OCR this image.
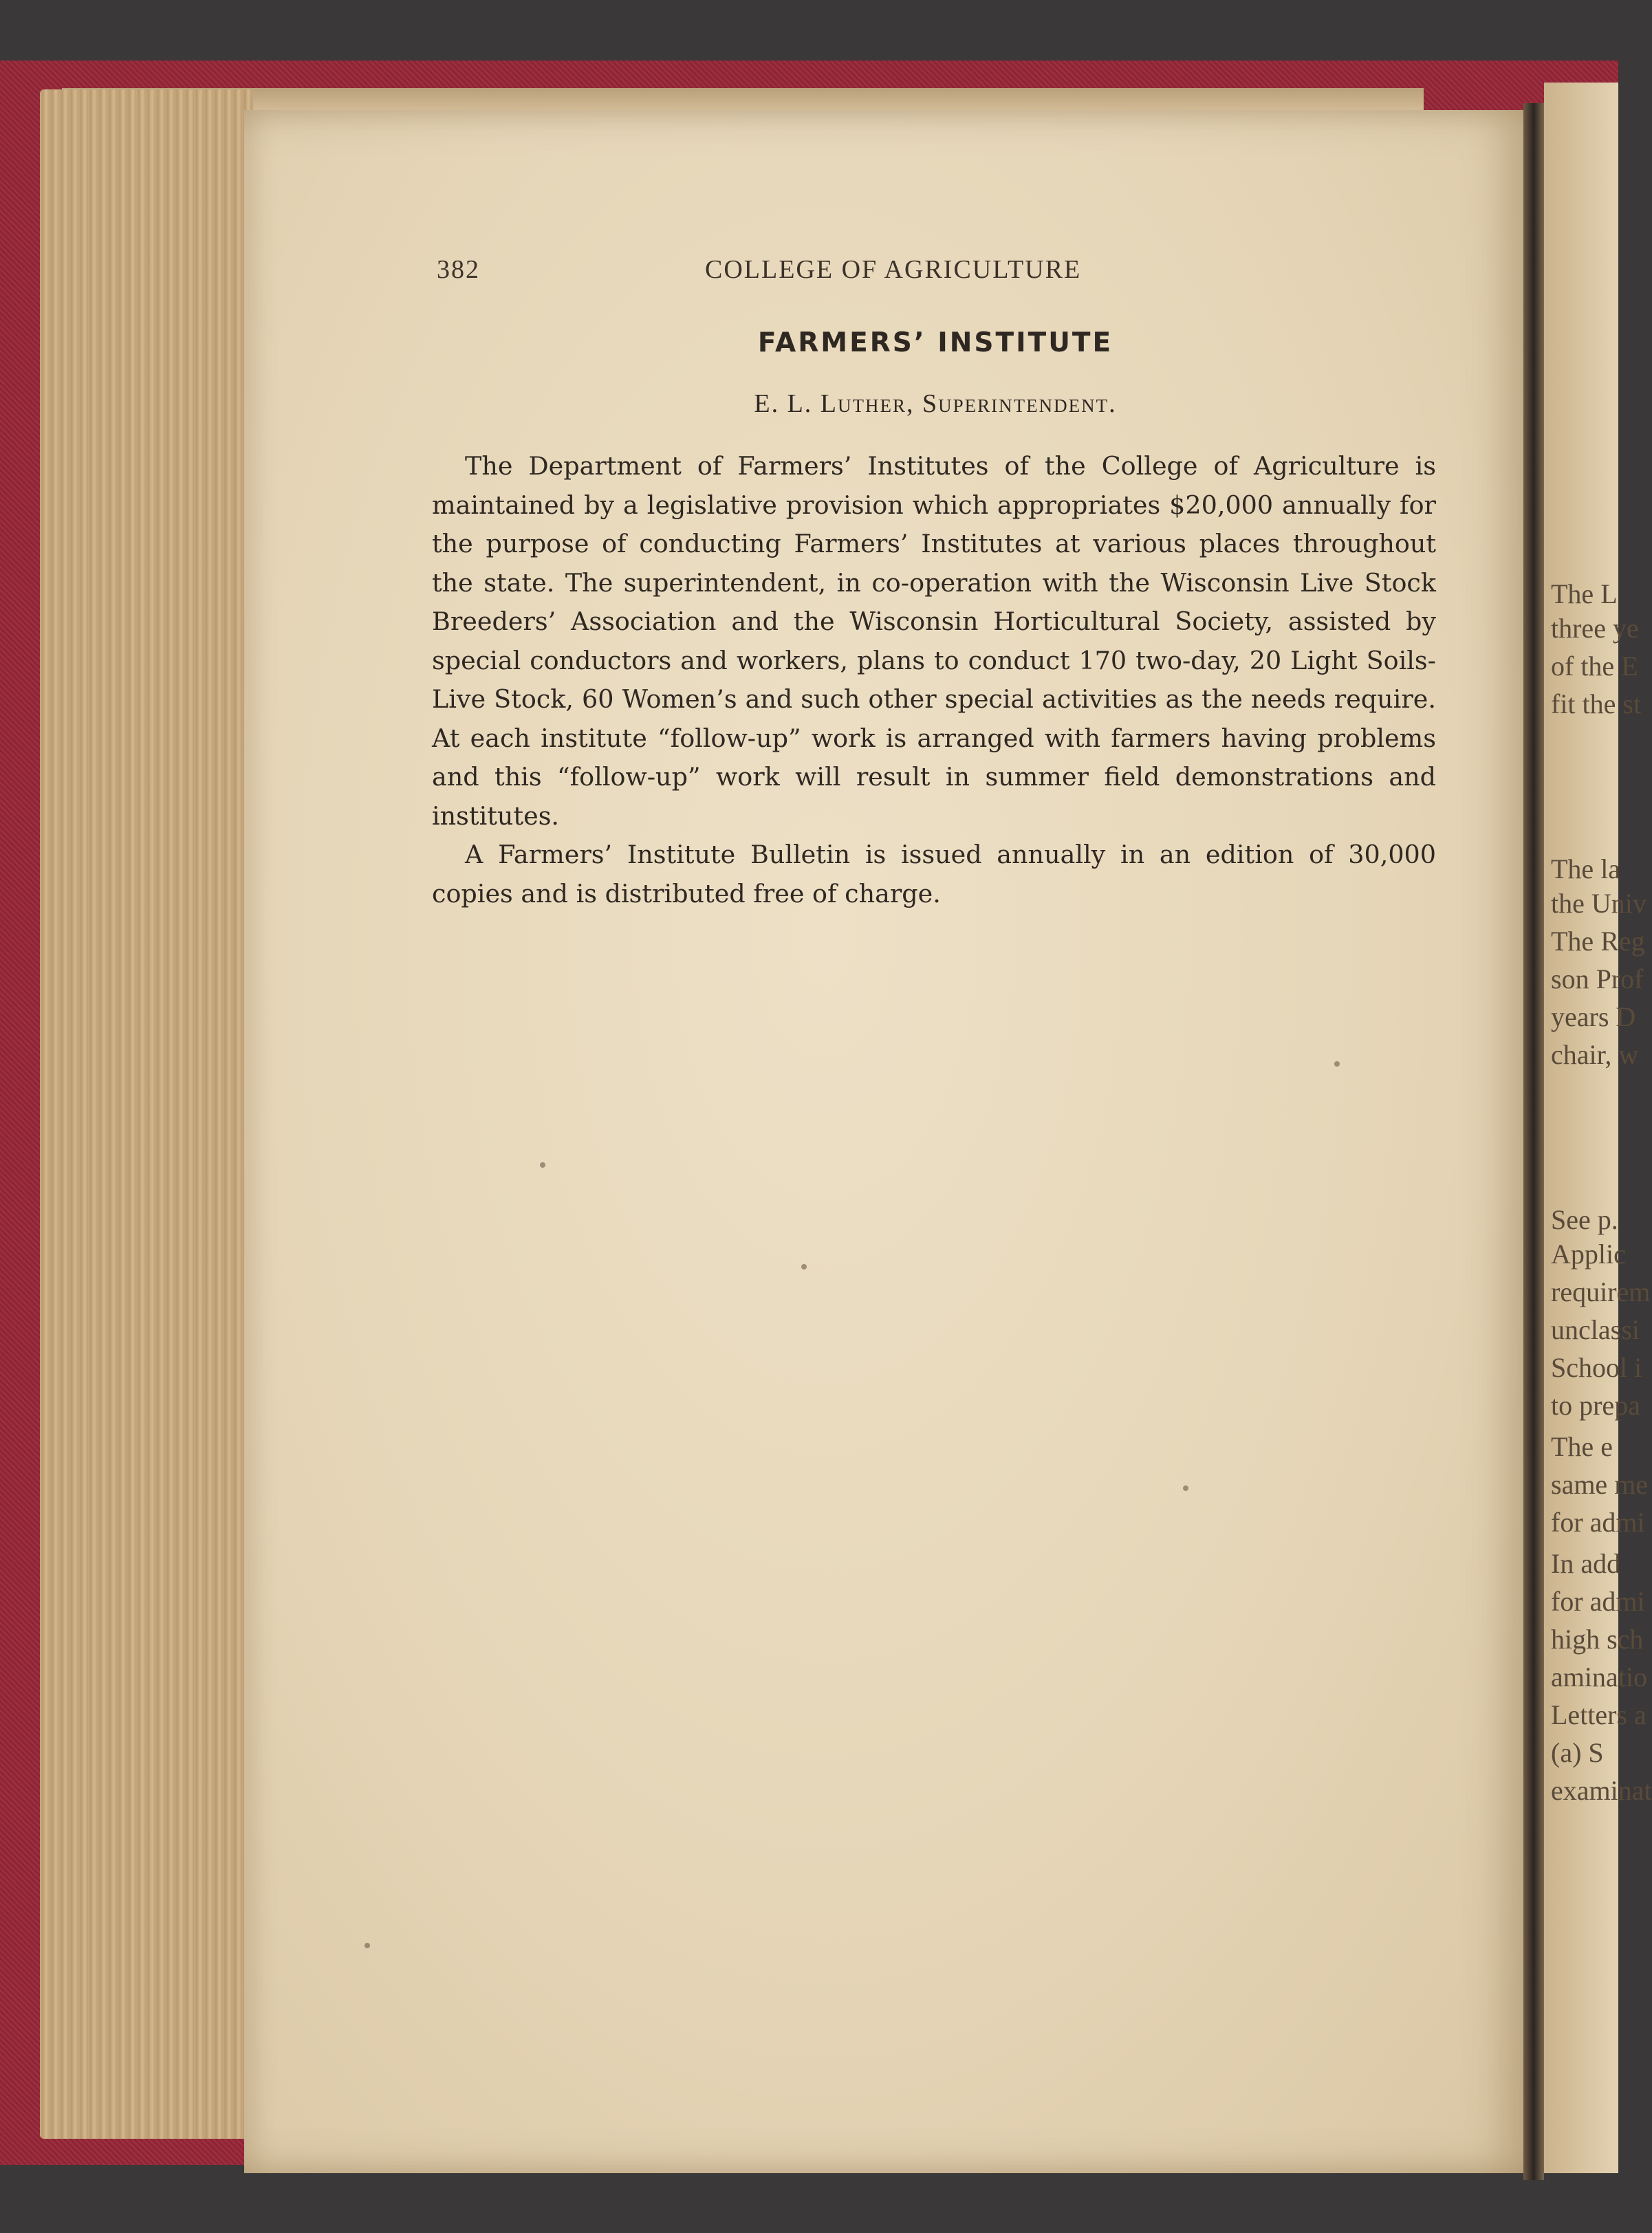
The L
three ye
of the E
fit the st
The la
the Univ
The Reg
son Prof
years D
chair, w
See p.
Applic
requirem
unclassi
School i
to prepa
The e
same me
for admi
In add
for admi
high sch
aminatio
Letters a
(a) S
examinat
382	COLLEGE OF AGRICULTURE
FARMERS’ INSTITUTE
E. L. Luther, Superintendent.

The Department of Farmers’ Institutes of the College of Agriculture is maintained by a legislative provision which appropriates $20,000 annually for the purpose of conducting Farmers’ Institutes at various places throughout the state. The superintendent, in co-operation with the Wisconsin Live Stock Breeders’ Association and the Wisconsin Horticultural Society, assisted by special conductors and workers, plans to conduct 170 two-day, 20 Light Soils-Live Stock, 60 Women’s and such other special activities as the needs require. At each institute “follow-up” work is arranged with farmers having problems and this “follow-up” work will result in summer field demonstrations and institutes.

A Farmers’ Institute Bulletin is issued annually in an edition of 30,000 copies and is distributed free of charge.
